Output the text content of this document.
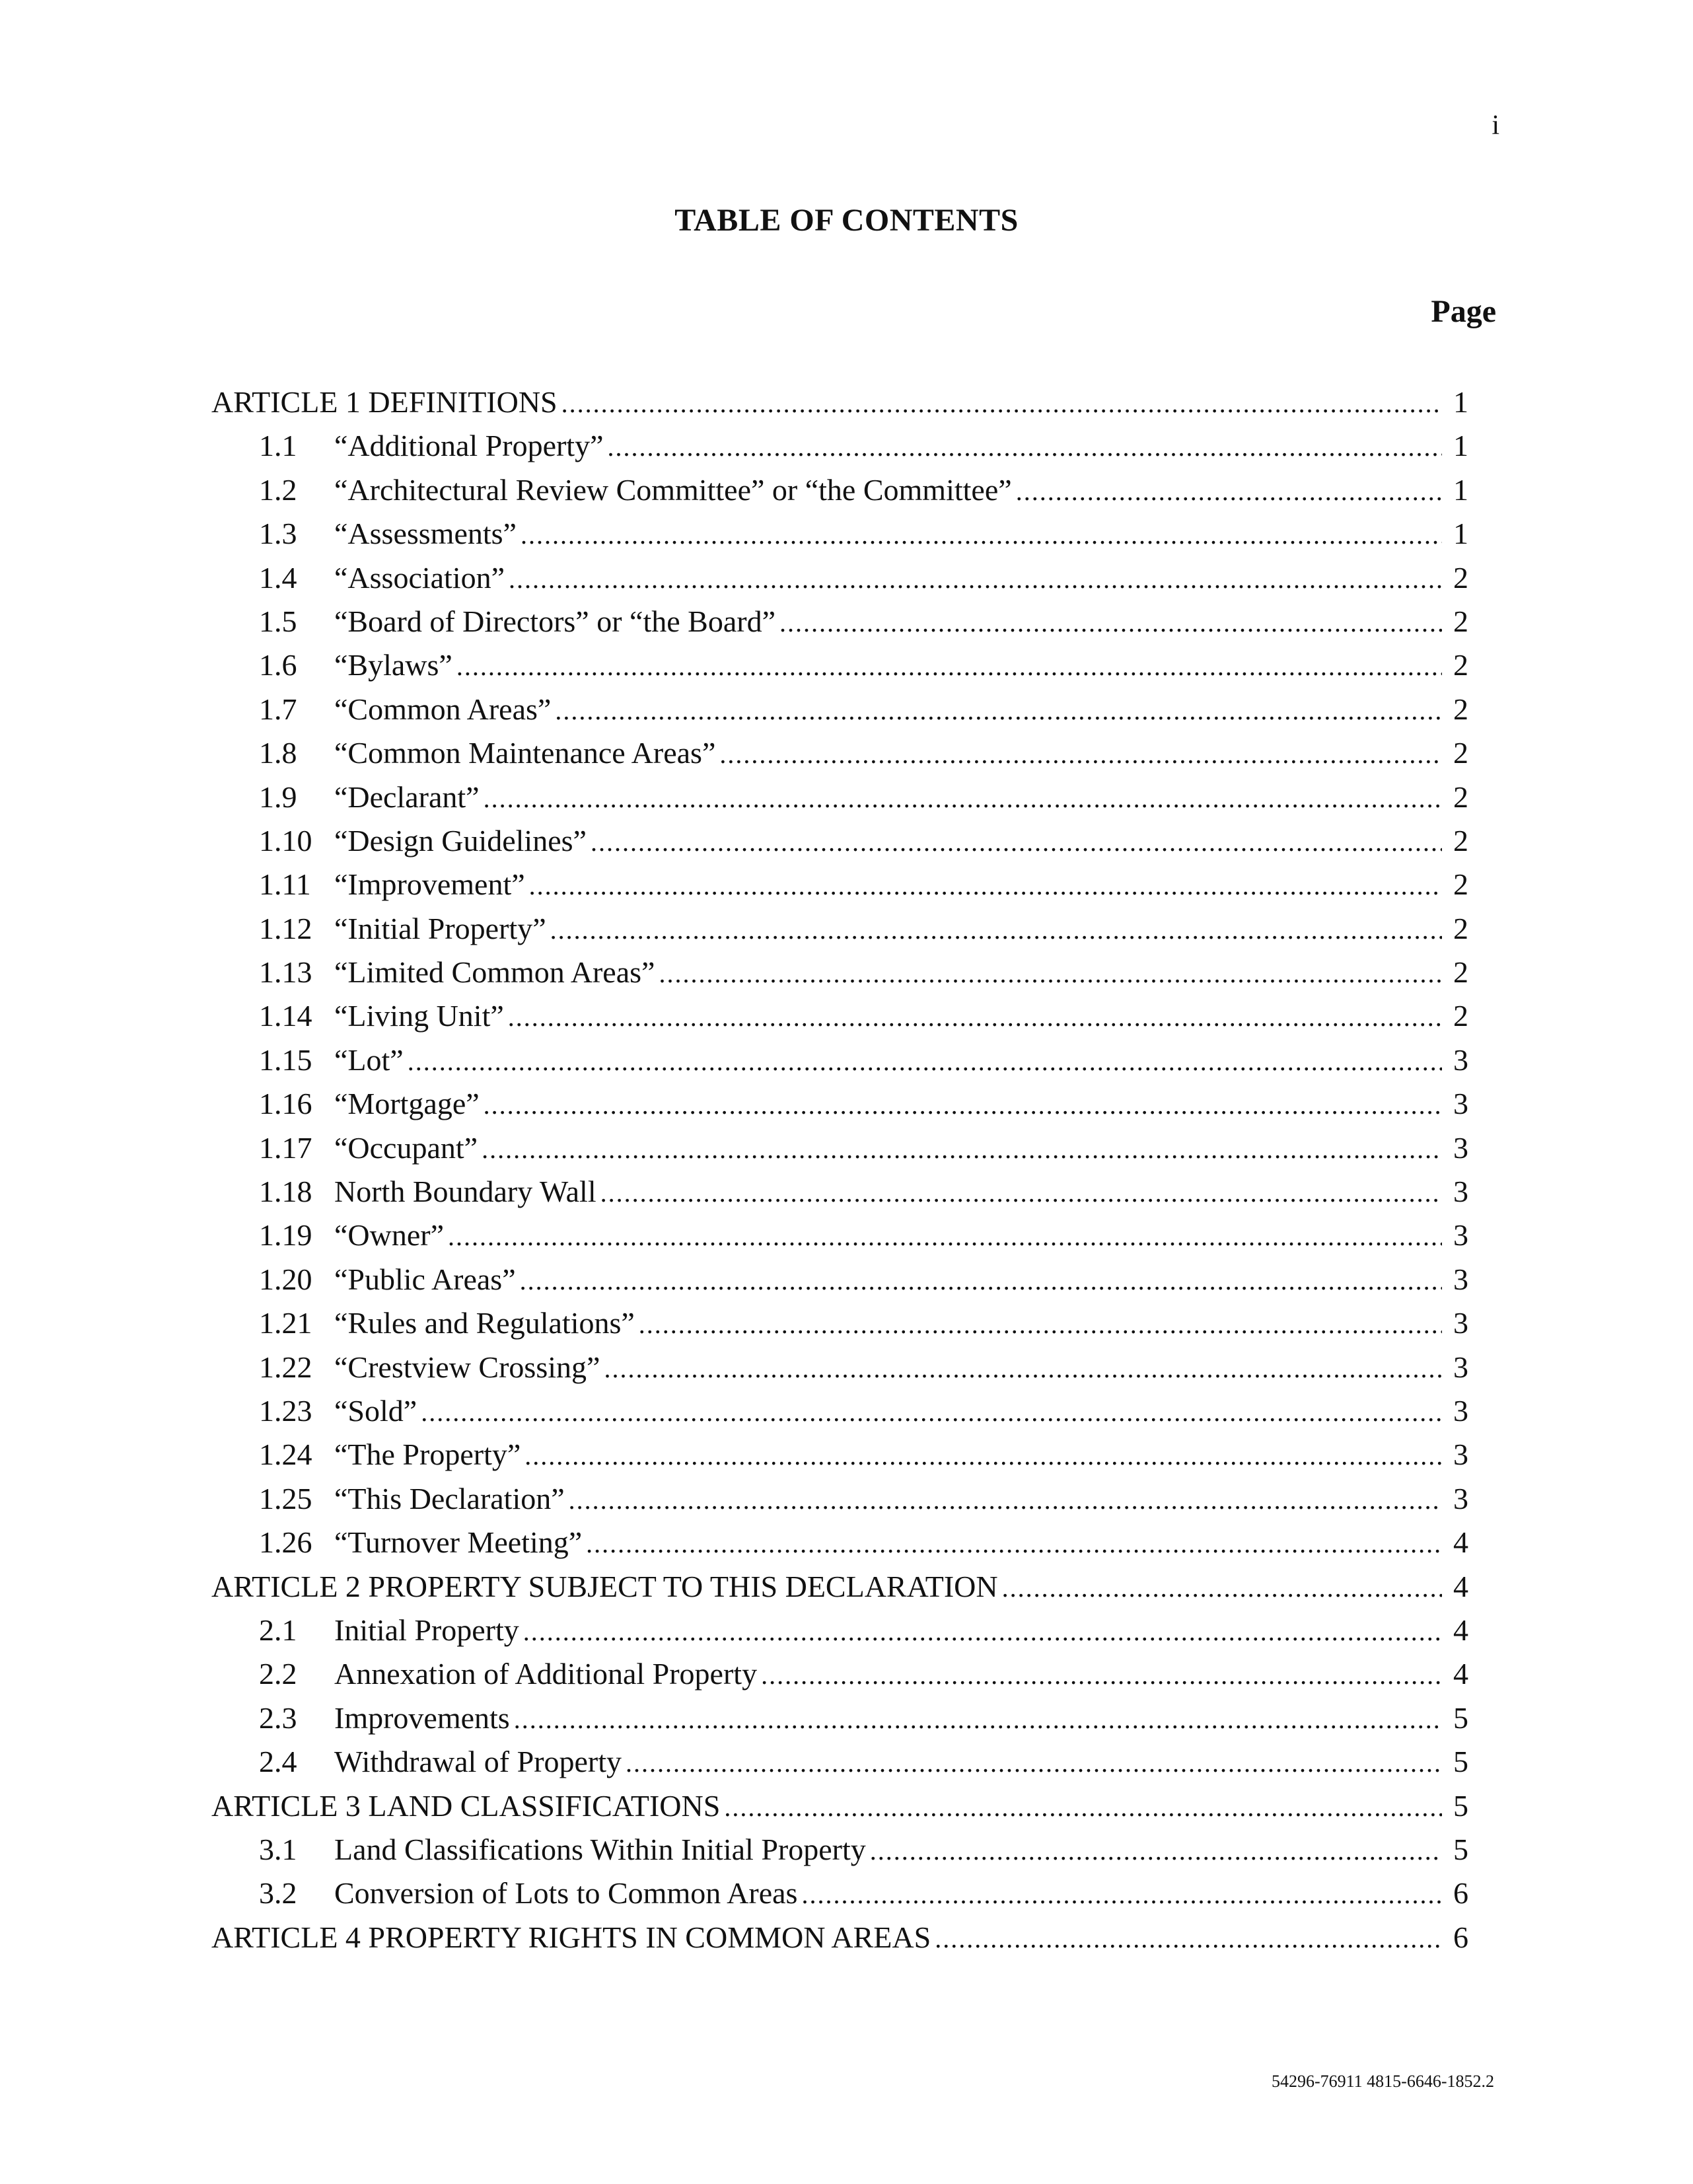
i
TABLE OF CONTENTS
Page
ARTICLE 1 DEFINITIONS .....	1
1.1	“Additional Property” .....	1
1.2	“Architectural Review Committee” or “the Committee” .....	1
1.3	“Assessments” .....	1
1.4	“Association” .....	2
1.5	“Board of Directors” or “the Board” .....	2
1.6	“Bylaws” .....	2
1.7	“Common Areas” .....	2
1.8	“Common Maintenance Areas” .....	2
1.9	“Declarant” .....	2
1.10 “Design Guidelines” .....	2
1.11 “Improvement” .....	2
1.12 “Initial Property” .....	2
1.13 “Limited Common Areas” .....	2
1.14 “Living Unit” .....	2
1.15 “Lot” .....	3
1.16 “Mortgage” .....	3
1.17 “Occupant” .....	3
1.18 North Boundary Wall .....	3
1.19 “Owner” .....	3
1.20 “Public Areas” .....	3
1.21 “Rules and Regulations” .....	3
1.22 “Crestview Crossing” .....	3
1.23 “Sold” .....	3
1.24 “The Property” .....	3
1.25 “This Declaration” .....	3
1.26 “Turnover Meeting” .....	4
ARTICLE 2 PROPERTY SUBJECT TO THIS DECLARATION .....	4
2.1	Initial Property .....	4
2.2	Annexation of Additional Property .....	4
2.3	Improvements .....	5
2.4	Withdrawal of Property .....	5
ARTICLE 3 LAND CLASSIFICATIONS .....	5
3.1	Land Classifications Within Initial Property .....	5
3.2	Conversion of Lots to Common Areas .....	6
ARTICLE 4 PROPERTY RIGHTS IN COMMON AREAS .....	6
54296-76911 4815-6646-1852.2
